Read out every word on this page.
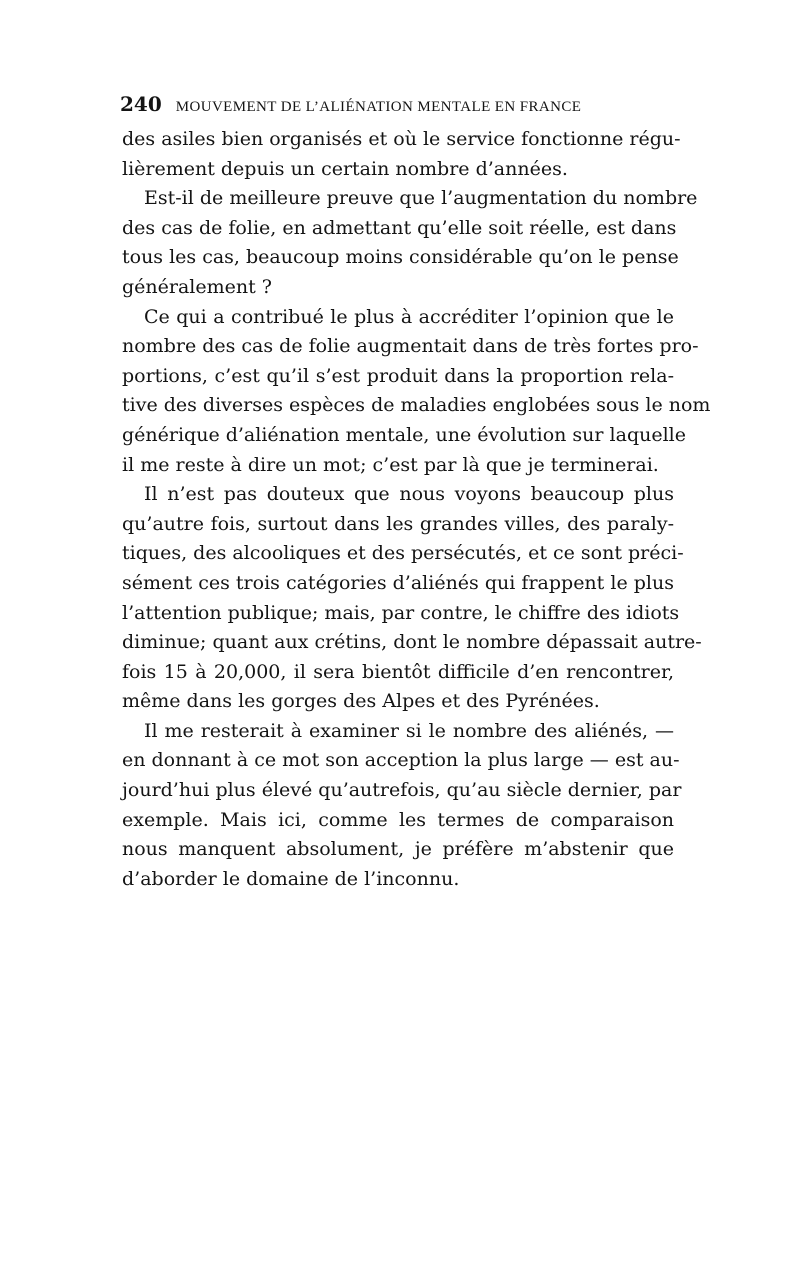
240 MOUVEMENT DE L’ALIÉNATION MENTALE EN FRANCE
des asiles bien organisés et où le service fonctionne régu-
lièrement depuis un certain nombre d’années.
Est-il de meilleure preuve que l’augmentation du nombre
des cas de folie, en admettant qu’elle soit réelle, est dans
tous les cas, beaucoup moins considérable qu’on le pense
généralement ?
Ce qui a contribué le plus à accréditer l’opinion que le
nombre des cas de folie augmentait dans de très fortes pro-
portions, c’est qu’il s’est produit dans la proportion rela-
tive des diverses espèces de maladies englobées sous le nom
générique d’aliénation mentale, une évolution sur laquelle
il me reste à dire un mot; c’est par là que je terminerai.
Il n’est pas douteux que nous voyons beaucoup plus
qu’autre fois, surtout dans les grandes villes, des paraly-
tiques, des alcooliques et des persécutés, et ce sont préci-
sément ces trois catégories d’aliénés qui frappent le plus
l’attention publique; mais, par contre, le chiffre des idiots
diminue; quant aux crétins, dont le nombre dépassait autre-
fois 15 à 20,000, il sera bientôt difficile d’en rencontrer,
même dans les gorges des Alpes et des Pyrénées.
Il me resterait à examiner si le nombre des aliénés, —
en donnant à ce mot son acception la plus large — est au-
jourd’hui plus élevé qu’autrefois, qu’au siècle dernier, par
exemple. Mais ici, comme les termes de comparaison
nous manquent absolument, je préfère m’abstenir que
d’aborder le domaine de l’inconnu.
